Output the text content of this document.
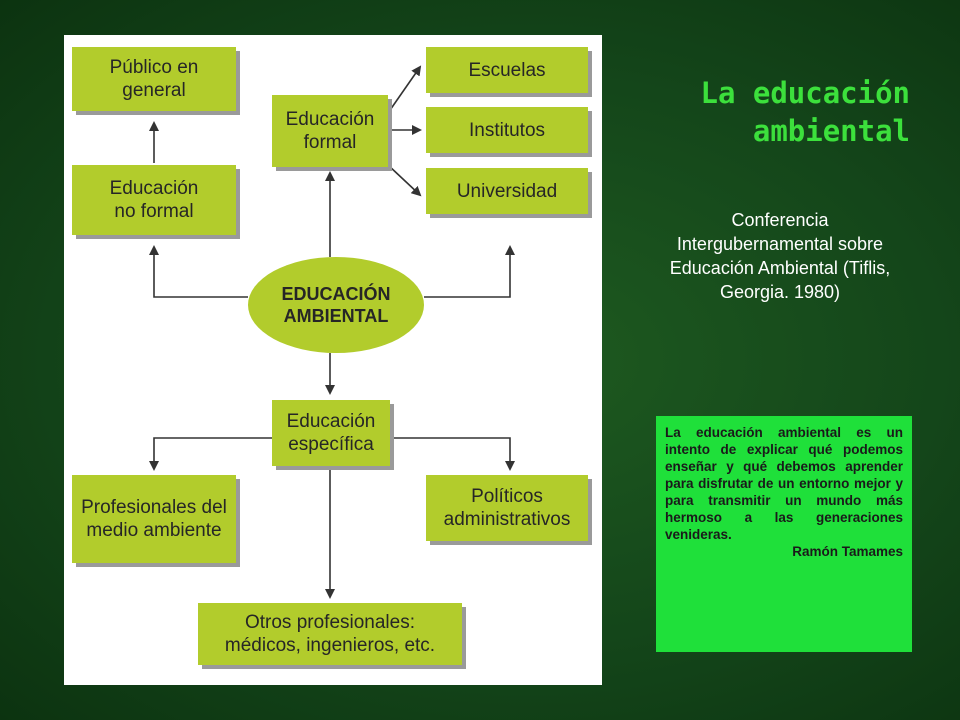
Público en
general
Educación
no formal
Educación
formal
Escuelas
Institutos
Universidad
EDUCACIÓN
AMBIENTAL
Educación
específica
Profesionales del
medio ambiente
Políticos
administrativos
Otros profesionales:
médicos, ingenieros, etc.
La educación
ambiental
Conferencia Intergubernamental sobre Educación Ambiental (Tiflis, Georgia. 1980)

La educación ambiental es un intento de explicar qué podemos enseñar y qué debemos aprender para disfrutar de un entorno mejor y para transmitir un mundo más hermoso a las generaciones venideras.

Ramón Tamames
